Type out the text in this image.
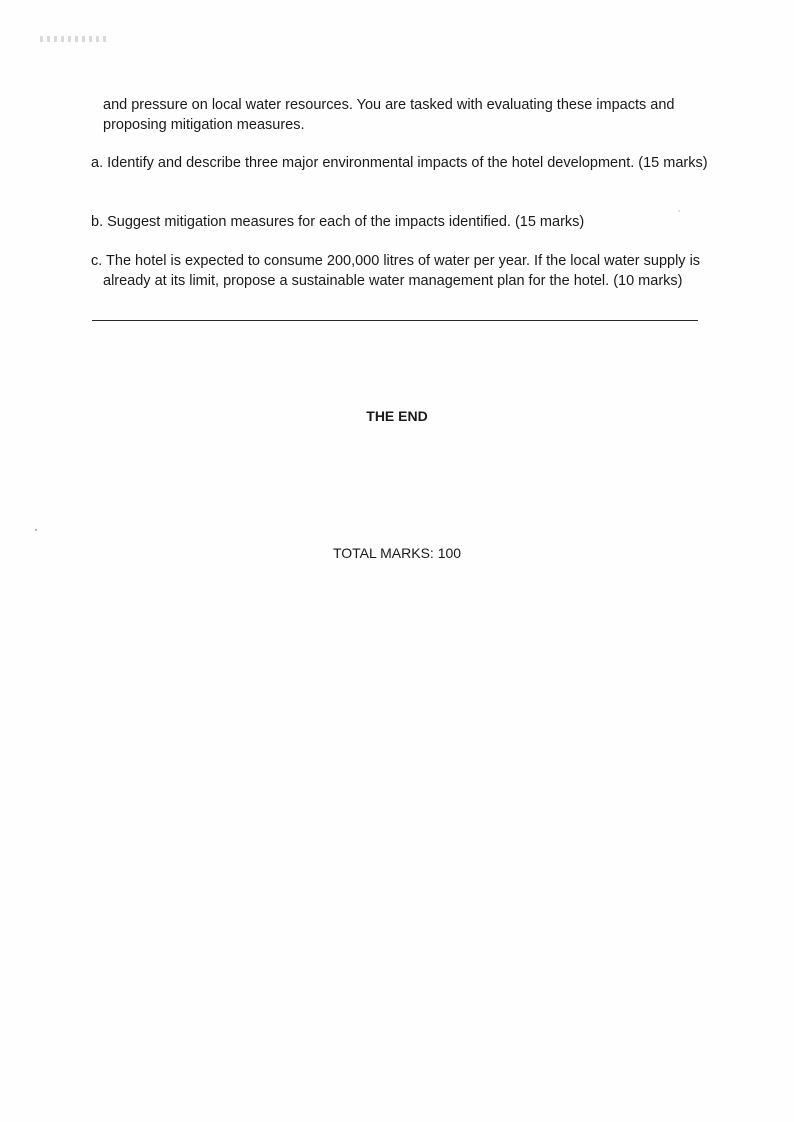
and pressure on local water resources. You are tasked with evaluating these impacts and proposing mitigation measures.

a. Identify and describe three major environmental impacts of the hotel development. (15 marks)

b. Suggest mitigation measures for each of the impacts identified. (15 marks)

c. The hotel is expected to consume 200,000 litres of water per year. If the local water supply is already at its limit, propose a sustainable water management plan for the hotel. (10 marks)

THE END
TOTAL MARKS: 100
